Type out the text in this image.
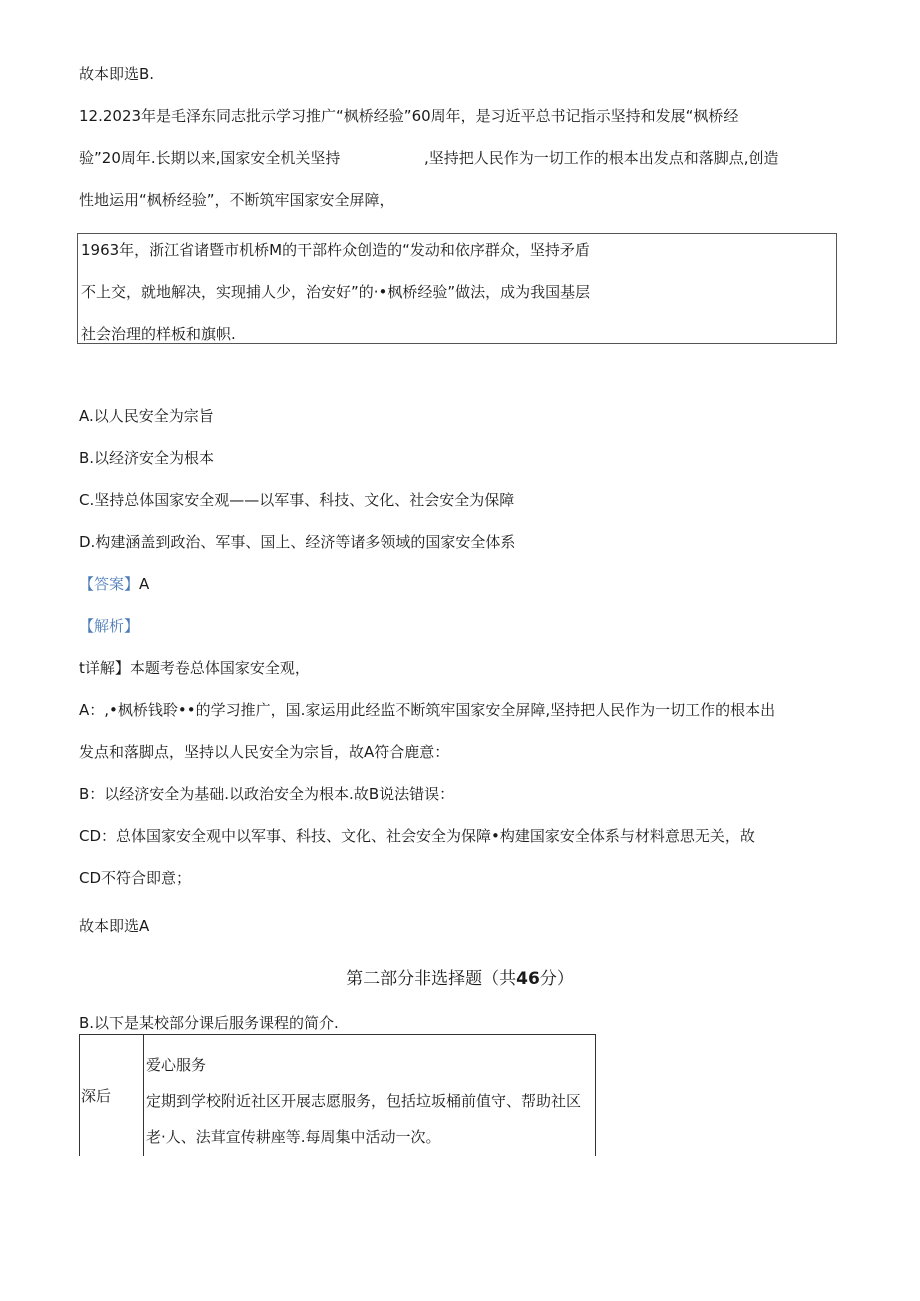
故本即选B.
12.2023年是毛泽东同志批示学习推广“枫桥经验”60周年，是习近平总书记指示坚持和发展“枫桥经
验”20周年.长期以来,国家安全机关坚持	,坚持把人民作为一切工作的根本出发点和落脚点,创造
性地运用“枫桥经验”，不断筑牢国家安全屏障，
1963年，浙江省诸暨市机桥M的干部杵众创造的“发动和依序群众，坚持矛盾
不上交，就地解决，实现捕人少，治安好”的·•枫桥经验”做法，成为我国基层
社会治理的样板和旗帜.
A.以人民安全为宗旨
B.以经济安全为根本
C.坚持总体国家安全观——以军事、科技、文化、社会安全为保障
D.构建涵盖到政治、军事、国上、经济等诸多领域的国家安全体系
【答案】A
【解析】
t详解】本题考卷总体国家安全观，
A：,•枫桥钱聆••的学习推广，国.家运用此经监不断筑牢国家安全屏障,坚持把人民作为一切工作的根本出
发点和落脚点，坚持以人民安全为宗旨，故A符合鹿意：
B：以经济安全为基础.以政治安全为根本.故B说法错误：
CD：总体国家安全观中以军事、科技、文化、社会安全为保障•构建国家安全体系与材料意思无关，故
CD不符合即意；
故本即选A
第二部分非选择题（共46分）
B.以下是某校部分课后服务课程的简介.
深后
爱心服务
定期到学校附近社区开展志愿服务，包括垃坂桶前值守、帮助社区
老·人、法茸宣传耕座等.每周集中活动一次。
